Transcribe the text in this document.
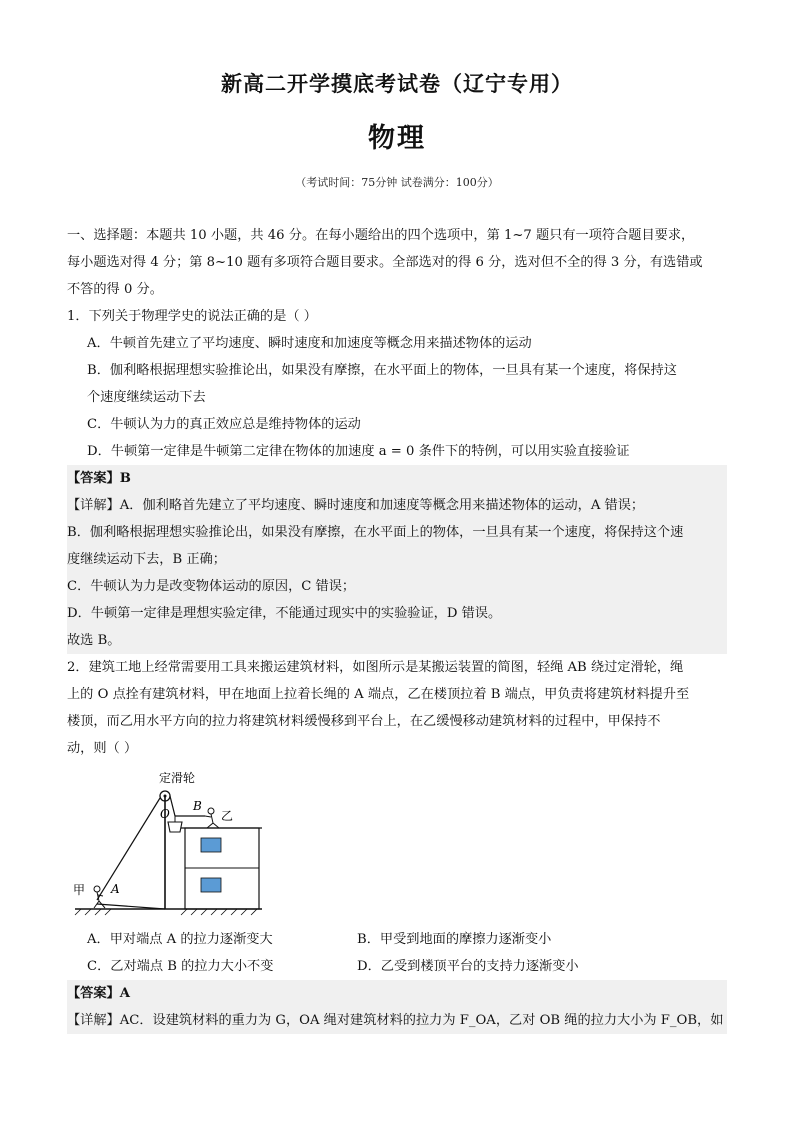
新高二开学摸底考试卷（辽宁专用）
物理
（考试时间：75分钟 试卷满分：100分）
一、选择题：本题共 10 小题，共 46 分。在每小题给出的四个选项中，第 1~7 题只有一项符合题目要求，
每小题选对得 4 分；第 8~10 题有多项符合题目要求。全部选对的得 6 分，选对但不全的得 3 分，有选错或
不答的得 0 分。
1．下列关于物理学史的说法正确的是（ ）
A．牛顿首先建立了平均速度、瞬时速度和加速度等概念用来描述物体的运动
B．伽利略根据理想实验推论出，如果没有摩擦，在水平面上的物体，一旦具有某一个速度，将保持这
个速度继续运动下去
C．牛顿认为力的真正效应总是维持物体的运动
D．牛顿第一定律是牛顿第二定律在物体的加速度 a = 0 条件下的特例，可以用实验直接验证
【答案】B
【详解】A．伽利略首先建立了平均速度、瞬时速度和加速度等概念用来描述物体的运动，A 错误；
B．伽利略根据理想实验推论出，如果没有摩擦，在水平面上的物体，一旦具有某一个速度，将保持这个速
度继续运动下去，B 正确；
C．牛顿认为力是改变物体运动的原因，C 错误；
D．牛顿第一定律是理想实验定律，不能通过现实中的实验验证，D 错误。
故选 B。
2．建筑工地上经常需要用工具来搬运建筑材料，如图所示是某搬运装置的简图，轻绳 AB 绕过定滑轮，绳
上的 O 点拴有建筑材料，甲在地面上拉着长绳的 A 端点，乙在楼顶拉着 B 端点，甲负责将建筑材料提升至
楼顶，而乙用水平方向的拉力将建筑材料缓慢移到平台上，在乙缓慢移动建筑材料的过程中，甲保持不
动，则（ ）
定滑轮
O
B
乙
甲 A
A．甲对端点 A 的拉力逐渐变大	B．甲受到地面的摩擦力逐渐变小
C．乙对端点 B 的拉力大小不变	D．乙受到楼顶平台的支持力逐渐变小
【答案】A
【详解】AC．设建筑材料的重力为 G，OA 绳对建筑材料的拉力为 F_OA，乙对 OB 绳的拉力大小为 F_OB，如
